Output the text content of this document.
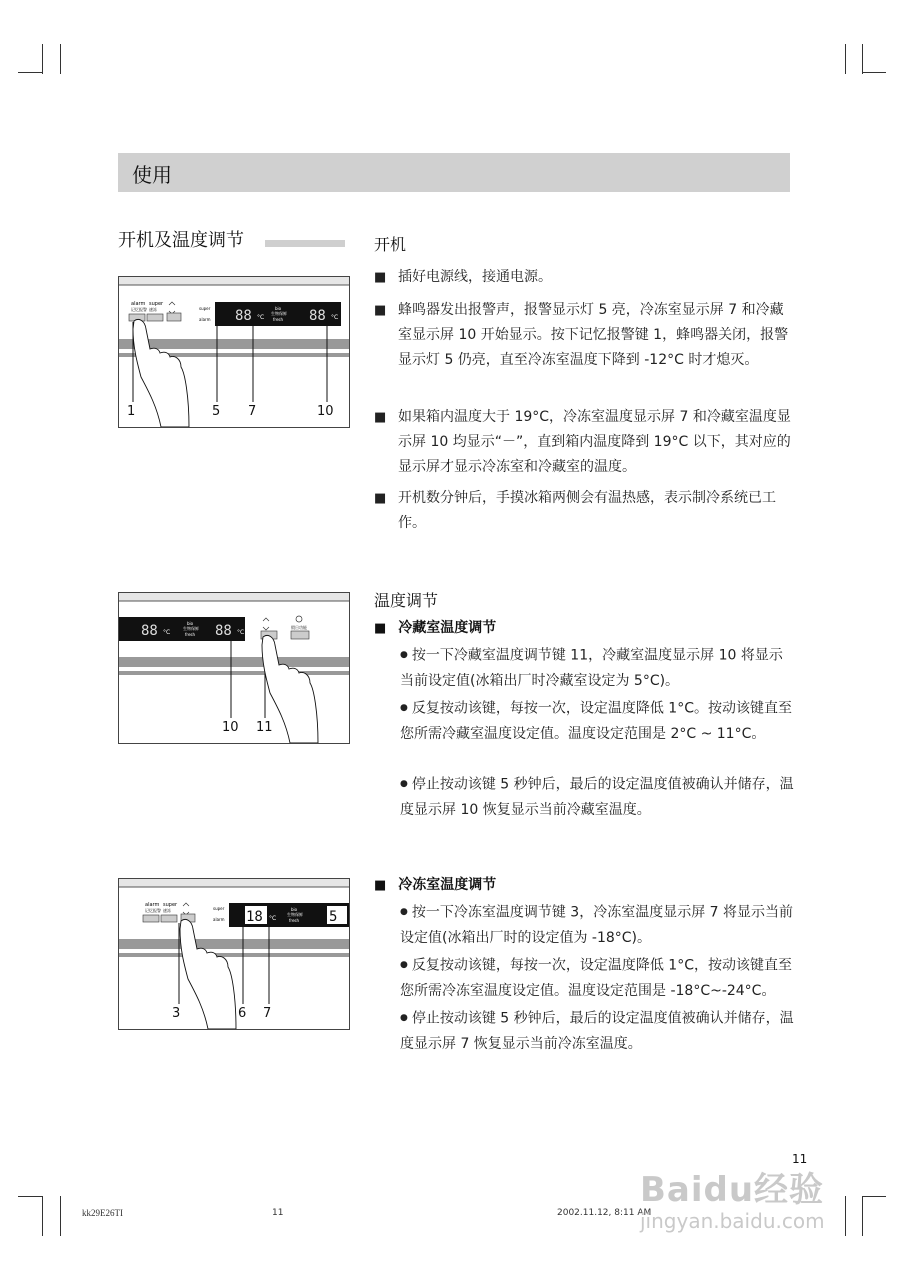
使用
开机及温度调节	开机
■ 插好电源线，接通电源。
■ 蜂鸣器发出报警声，报警显示灯 5 亮，冷冻室显示屏 7 和冷藏室显示屏 10 开始显示。按下记忆报警键 1，蜂鸣器关闭，报警显示灯 5 仍亮，直至冷冻室温度下降到 -12°C 时才熄灭。
■ 如果箱内温度大于 19°C，冷冻室温度显示屏 7 和冷藏室温度显示屏 10 均显示“－”，直到箱内温度降到 19°C 以下，其对应的显示屏才显示冷冻室和冷藏室的温度。
■ 开机数分钟后，手摸冰箱两侧会有温热感，表示制冷系统已工作。
温度调节
■ 冷藏室温度调节
● 按一下冷藏室温度调节键 11，冷藏室温度显示屏 10 将显示当前设定值(冰箱出厂时冷藏室设定为 5°C)。
● 反复按动该键，每按一次，设定温度降低 1°C。按动该键直至您所需冷藏室温度设定值。温度设定范围是 2°C ~ 11°C。
● 停止按动该键 5 秒钟后，最后的设定温度值被确认并储存，温度显示屏 10 恢复显示当前冷藏室温度。
■ 冷冻室温度调节
● 按一下冷冻室温度调节键 3，冷冻室温度显示屏 7 将显示当前设定值(冰箱出厂时的设定值为 -18°C)。
● 反复按动该键，每按一次，设定温度降低 1°C，按动该键直至您所需冷冻室温度设定值。温度设定范围是 -18°C~-24°C。
● 停止按动该键 5 秒钟后，最后的设定温度值被确认并储存，温度显示屏 7 恢复显示当前冷冻室温度。
alarm
记忆报警
super
速冻	super
alarm 88 °C
bio
生物保鲜
fresh 88 °C
1	5 7	10
88 °C
bio
生物保鲜
fresh 88 °C
假日功能
10 11
alarm
记忆报警
super
速冻	super
alarm 18 °C
bio
生物保鲜
fresh 5
3	6 7
11
kk29E26TI	11	2002.11.12, 8:11 AM
Baidu经验
jingyan.baidu.com
